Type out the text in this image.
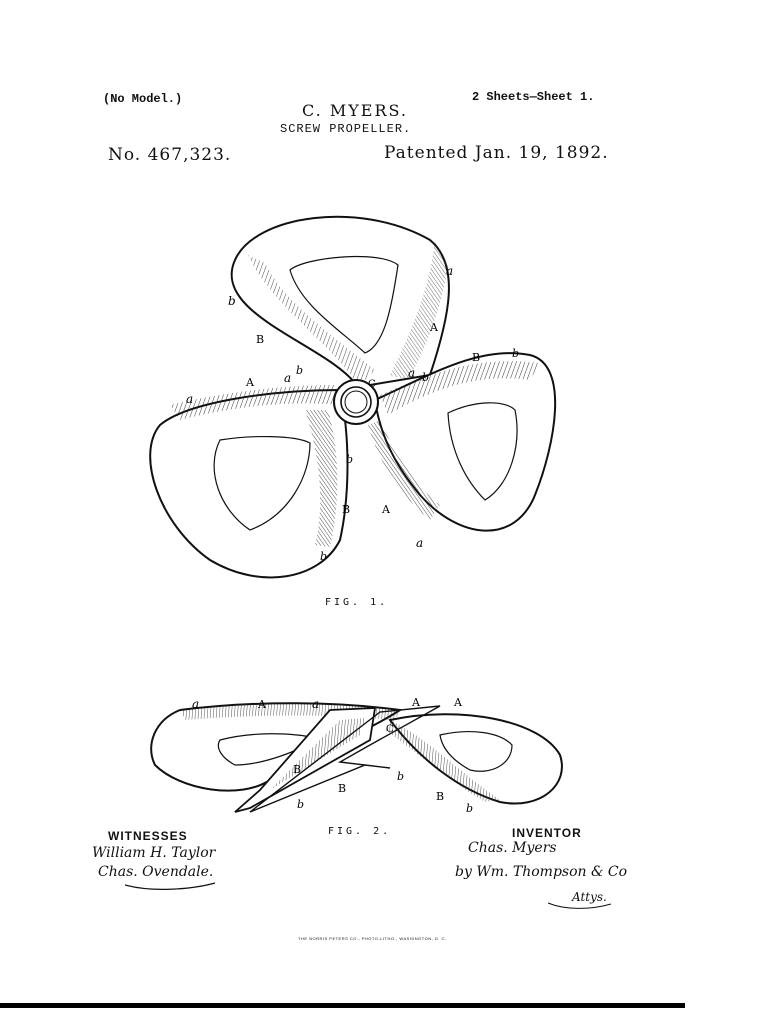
(No Model.)	2 Sheets—Sheet 1.
C. MYERS.
SCREW PROPELLER.
No. 467,323.	Patented Jan. 19, 1892.
a
A
b
B
b
a
A
a
a
C
b
B	b
b
B	A
a
b
FIG. 1.
a	A	a	A	A
C
B
b
B
b
B
b
FIG. 2.
WITNESSES
William H. Taylor
Chas. Ovendale.
INVENTOR
Chas. Myers
by Wm. Thompson & Co
Attys.
THE NORRIS PETERS CO., PHOTO-LITHO., WASHINGTON, D. C.
